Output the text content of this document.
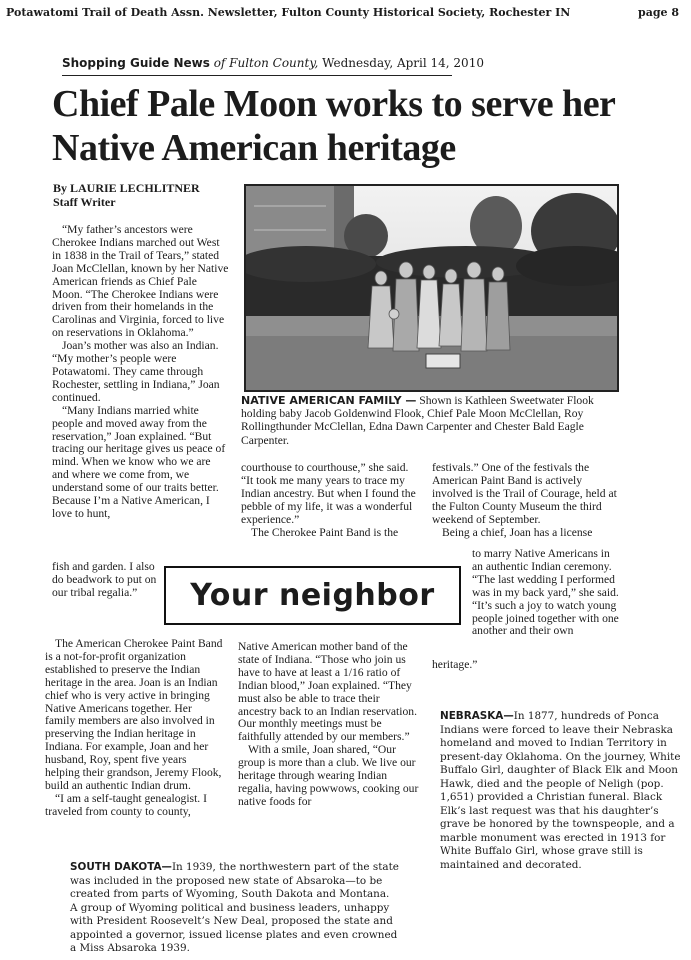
Potawatomi Trail of Death Assn. Newsletter, Fulton County Historical Society, Rochester IN	page 8
Shopping Guide News of Fulton County, Wednesday, April 14, 2010
Chief Pale Moon works to serve her Native American heritage
By LAURIE LECHLITNER
Staff Writer
NATIVE AMERICAN FAMILY — Shown is Kathleen Sweetwater Flook holding baby Jacob Goldenwind Flook, Chief Pale Moon McClellan, Roy Rollingthunder McClellan, Edna Dawn Carpenter and Chester Bald Eagle Carpenter.

“My father’s ancestors were Cherokee Indians marched out West in 1838 in the Trail of Tears,” stated Joan McClellan, known by her Native American friends as Chief Pale Moon. “The Cherokee Indians were driven from their homelands in the Carolinas and Virginia, forced to live on reservations in Oklahoma.”

Joan’s mother was also an Indian. “My mother’s people were Potawatomi. They came through Rochester, settling in Indiana,” Joan continued.

“Many Indians married white people and moved away from the reservation,” Joan explained. “But tracing our heritage gives us peace of mind. When we know who we are and where we come from, we understand some of our traits better. Because I’m a Native American, I love to hunt,

fish and garden. I also do beadwork to put on our tribal regalia.”

The American Cherokee Paint Band is a not-for-profit organization established to preserve the Indian heritage in the area. Joan is an Indian chief who is very active in bringing Native Americans together. Her family members are also involved in preserving the Indian heritage in Indiana. For example, Joan and her husband, Roy, spent five years helping their grandson, Jeremy Flook, build an authentic Indian drum.

“I am a self-taught genealogist. I traveled from county to county,

courthouse to courthouse,” she said. “It took me many years to trace my Indian ancestry. But when I found the pebble of my life, it was a wonderful experience.”

The Cherokee Paint Band is the

Native American mother band of the state of Indiana. “Those who join us have to have at least a 1/16 ratio of Indian blood,” Joan explained. “They must also be able to trace their ancestry back to an Indian reservation. Our monthly meetings must be faithfully attended by our members.”

With a smile, Joan shared, “Our group is more than a club. We live our heritage through wearing Indian regalia, having powwows, cooking our native foods for

festivals.” One of the festivals the American Paint Band is actively involved is the Trail of Courage, held at the Fulton County Museum the third weekend of September.

Being a chief, Joan has a license

to marry Native Americans in an authentic Indian ceremony. “The last wedding I performed was in my back yard,” she said. “It’s such a joy to watch young people joined together with one another and their own

heritage.”

Your neighbor
NEBRASKA—In 1877, hundreds of Ponca Indians were forced to leave their Nebraska homeland and moved to Indian Territory in present-day Oklahoma. On the journey, White Buffalo Girl, daughter of Black Elk and Moon Hawk, died and the people of Neligh (pop. 1,651) provided a Christian funeral. Black Elk’s last request was that his daughter’s grave be honored by the townspeople, and a marble monument was erected in 1913 for White Buffalo Girl, whose grave still is maintained and decorated.
SOUTH DAKOTA—In 1939, the northwestern part of the state was included in the proposed new state of Absaroka—to be created from parts of Wyoming, South Dakota and Montana. A group of Wyoming political and business leaders, unhappy with President Roosevelt’s New Deal, proposed the state and appointed a governor, issued license plates and even crowned a Miss Absaroka 1939.
